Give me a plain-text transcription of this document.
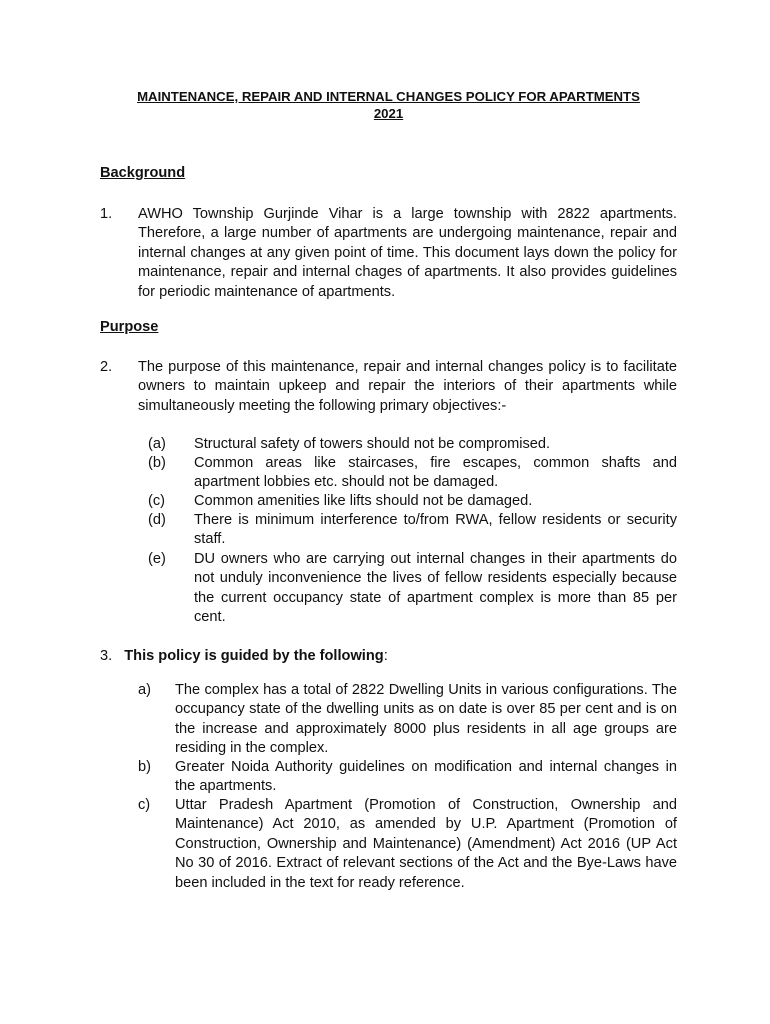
MAINTENANCE, REPAIR AND INTERNAL CHANGES POLICY FOR APARTMENTS
2021
Background
1. AWHO Township Gurjinde Vihar is a large township with 2822 apartments. Therefore, a large number of apartments are undergoing maintenance, repair and internal changes at any given point of time. This document lays down the policy for maintenance, repair and internal chages of apartments. It also provides guidelines for periodic maintenance of apartments.
Purpose
2. The purpose of this maintenance, repair and internal changes policy is to facilitate owners to maintain upkeep and repair the interiors of their apartments while simultaneously meeting the following primary objectives:-
(a) Structural safety of towers should not be compromised.
(b) Common areas like staircases, fire escapes, common shafts and apartment lobbies etc. should not be damaged.
(c) Common amenities like lifts should not be damaged.
(d) There is minimum interference to/from RWA, fellow residents or security staff.
(e) DU owners who are carrying out internal changes in their apartments do not unduly inconvenience the lives of fellow residents especially because the current occupancy state of apartment complex is more than 85 per cent.
3. This policy is guided by the following:
a) The complex has a total of 2822 Dwelling Units in various configurations. The occupancy state of the dwelling units as on date is over 85 per cent and is on the increase and approximately 8000 plus residents in all age groups are residing in the complex.
b) Greater Noida Authority guidelines on modification and internal changes in the apartments.
c) Uttar Pradesh Apartment (Promotion of Construction, Ownership and Maintenance) Act 2010, as amended by U.P. Apartment (Promotion of Construction, Ownership and Maintenance) (Amendment) Act 2016 (UP Act No 30 of 2016. Extract of relevant sections of the Act and the Bye-Laws have been included in the text for ready reference.
